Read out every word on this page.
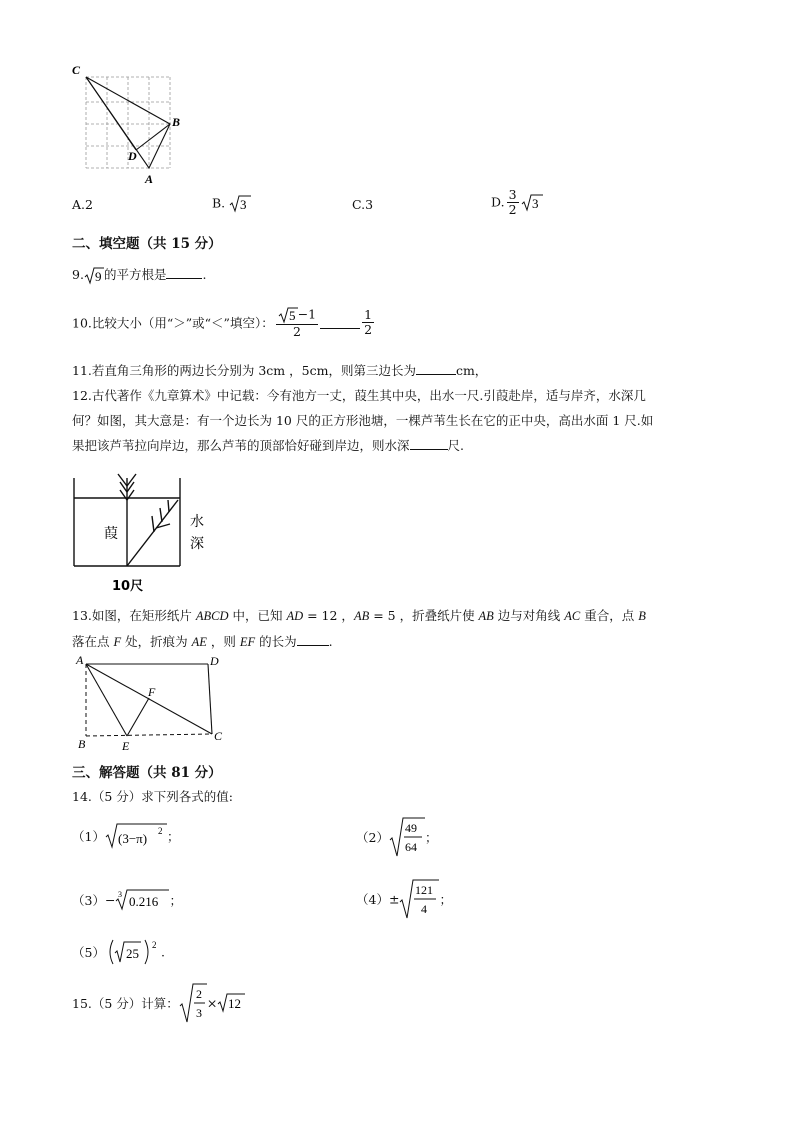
C
B
D
A
A.2	B. 3	C.3	D. $\frac{3}{2} 3$
二、填空题（共 15 分）
9. 9 的平方根是	.
10.比较大小（用“＞”或“＜”填空）： $\frac{5 -1}{2}$	$\frac{1}{2}$
11.若直角三角形的两边长分别为 3cm ，5cm，则第三边长为	cm，
12.古代著作《九章算术》中记载：今有池方一丈，葭生其中央，出水一尺.引葭赴岸，适与岸齐，水深几
何？如图，其大意是：有一个边长为 10 尺的正方形池塘，一棵芦苇生长在它的正中央，高出水面 1 尺.如
果把该芦苇拉向岸边，那么芦苇的顶部恰好碰到岸边，则水深	尺.
葭
水
深
10尺
13.如图，在矩形纸片 ABCD 中，已知 AD = 12 ，AB = 5 ，折叠纸片使 AB 边与对角线 AC 重合，点 B
落在点 F 处，折痕为 AE ，则 EF 的长为	.
A	D
F
B	E
C
三、解答题（共 81 分）
14.（5 分）求下列各式的值:
（1） (3−π) 2 ；	（2）
49
64
；
（3）− 3 0.216 ；	（4）±
121
4
；
（5） 25
2 .
15.（5 分）计算：
2
3
× 12
